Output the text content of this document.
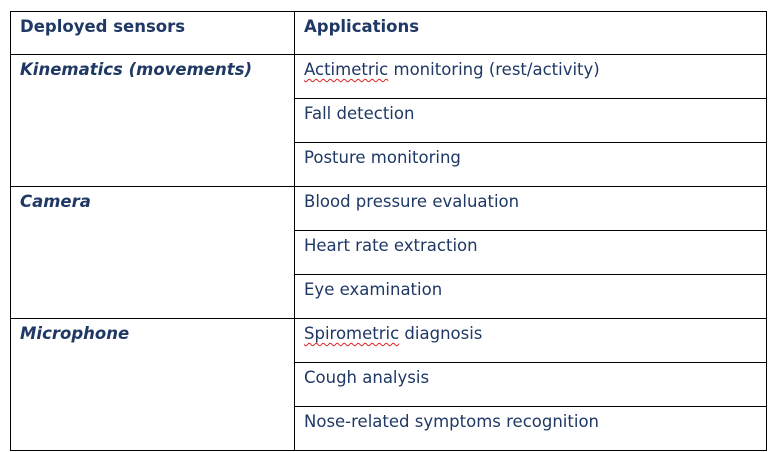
Deployed sensors	Applications
Kinematics (movements)	Actimetric monitoring (rest/activity)
	Fall detection
	Posture monitoring
Camera	Blood pressure evaluation
	Heart rate extraction
	Eye examination
Microphone	Spirometric diagnosis
	Cough analysis
	Nose-related symptoms recognition
